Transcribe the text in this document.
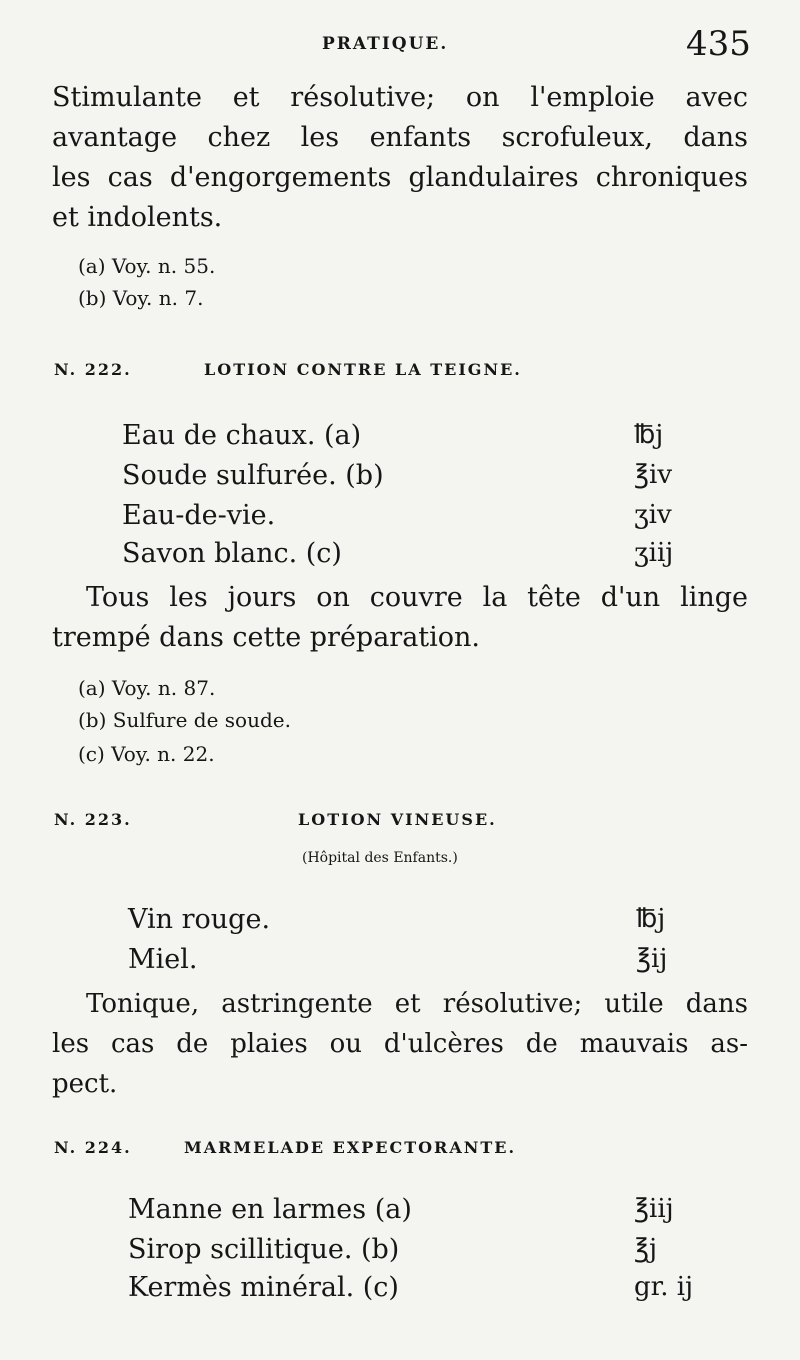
PRATIQUE.	435
Stimulante et résolutive; on l'emploie avec
avantage chez les enfants scrofuleux, dans
les cas d'engorgements glandulaires chroniques
et indolents.
(a) Voy. n. 55.
(b) Voy. n. 7.
N. 222.	LOTION CONTRE LA TEIGNE.
Eau de chaux. (a)	℔j
Soude sulfurée. (b)	℥iv
Eau-de-vie.	ʒiv
Savon blanc. (c)	ʒiij
Tous les jours on couvre la tête d'un linge
trempé dans cette préparation.
(a) Voy. n. 87.
(b) Sulfure de soude.
(c) Voy. n. 22.
N. 223.	LOTION VINEUSE.
(Hôpital des Enfants.)
Vin rouge.	℔j
Miel.	℥ij
Tonique, astringente et résolutive; utile dans
les cas de plaies ou d'ulcères de mauvais as-
pect.
N. 224.	MARMELADE EXPECTORANTE.
Manne en larmes (a)	℥iij
Sirop scillitique. (b)	℥j
Kermès minéral. (c)	gr. ij
